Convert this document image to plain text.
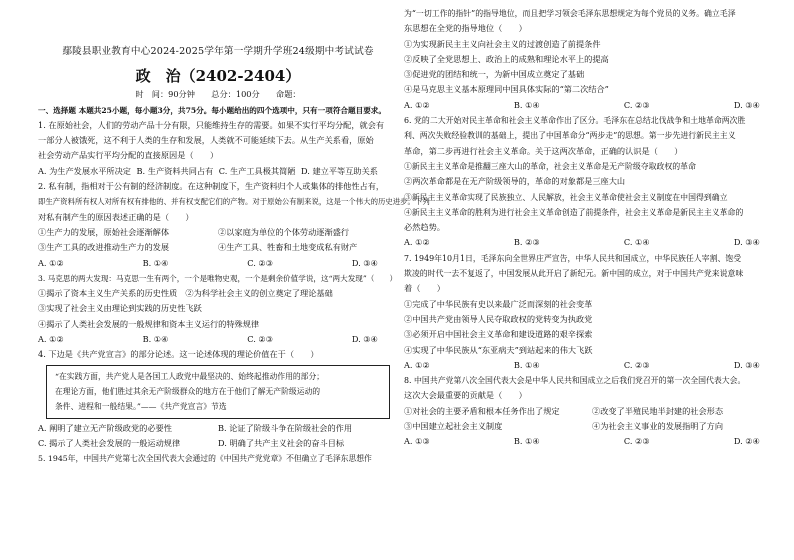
鄢陵县职业教育中心2024-2025学年第一学期升学班24级期中考试试卷
政　治（2402-2404）
时　间：90分钟　　总分：100分　　命题：

一、选择题 本题共25小题，每小题3分，共75分。每小题给出的四个选项中，只有一项符合题目要求。

1. 在原始社会，人们的劳动产品十分有限，只能维持生存的需要。如果不实行平均分配，就会有

一部分人被饿死，这不利于人类的生存和发展，人类就不可能延续下去。从生产关系看，原始

社会劳动产品实行平均分配的直接原因是（　　）

A. 为生产发展水平所决定 B. 生产资料共同占有 C. 生产工具极其简陋 D. 建立平等互助关系

2. 私有制，指相对于公有制的经济制度。在这种制度下，生产资料归个人或集体的排他性占有，

即生产资料所有权人对所有权有排他的、并有权支配它们的产物。对于原始公有制来说，这是一个伟大的历史进步。下列

对私有制产生的原因表述正确的是（　　）

①生产力的发展，原始社会逐渐解体	②以家庭为单位的个体劳动逐渐盛行
③生产工具的改进推动生产力的发展	④生产工具、牲畜和土地变成私有财产
A. ①②	B. ①④	C. ②③	D. ③④

3. 马克思的两大发现：马克思一生有两个，一个是唯物史观，一个是剩余价值学说，这“两大发现”（　　）

①揭示了资本主义生产关系的历史性质　②为科学社会主义的创立奠定了理论基础

③实现了社会主义由理论到实践的历史性飞跃

④揭示了人类社会发展的一般规律和资本主义运行的特殊规律

A. ①②	B. ①④	C. ②③	D. ③④

4. 下边是《共产党宣言》的部分论述。这一论述体现的理论价值在于（　　）

“在实践方面，共产党人是各国工人政党中最坚决的、始终起推动作用的部分；

在理论方面，他们胜过其余无产阶级群众的地方在于他们了解无产阶级运动的

条件、进程和一般结果。”——《共产党宣言》节选

A. 阐明了建立无产阶级政党的必要性	B. 论证了阶级斗争在阶级社会的作用
C. 揭示了人类社会发展的一般运动规律	D. 明确了共产主义社会的奋斗目标

5. 1945年，中国共产党第七次全国代表大会通过的《中国共产党党章》不但确立了毛泽东思想作

为“一切工作的指针”的指导地位，而且把学习领会毛泽东思想规定为每个党员的义务。确立毛泽

东思想在全党的指导地位（　　）

①为实现新民主主义向社会主义的过渡创造了前提条件

②反映了全党思想上、政治上的成熟和理论水平上的提高

③促进党的团结和统一，为新中国成立奠定了基础

④是马克思主义基本原理同中国具体实际的“第二次结合”

A. ①②	B. ①④	C. ②③	D. ③④

6. 党的二大开始对民主革命和社会主义革命作出了区分。毛泽东在总结北伐战争和土地革命两次胜

利、两次失败经验教训的基础上，提出了中国革命分“两步走”的思想。第一步先进行新民主主义

革命，第二步再进行社会主义革命。关于这两次革命，正确的认识是（　　）

①新民主主义革命是推翻三座大山的革命，社会主义革命是无产阶级夺取政权的革命

②两次革命都是在无产阶级领导的，革命的对象都是三座大山

③新民主主义革命实现了民族独立、人民解放，社会主义革命使社会主义制度在中国得到确立

④新民主主义革命的胜利为进行社会主义革命创造了前提条件，社会主义革命是新民主主义革命的

必然趋势。

A. ①②	B. ②③	C. ①④	D. ③④

7. 1949年10月1日，毛泽东向全世界庄严宣告，中华人民共和国成立，中华民族任人宰割、饱受

欺凌的时代一去不复返了，中国发展从此开启了新纪元。新中国的成立，对于中国共产党来说意味

着（　　）

①完成了中华民族有史以来最广泛而深刻的社会变革

②中国共产党由领导人民夺取政权的党转变为执政党

③必须开启中国社会主义革命和建设道路的艰辛探索

④实现了中华民族从“东亚病夫”到站起来的伟大飞跃

A. ①②	B. ①④	C. ②③	D. ③④

8. 中国共产党第八次全国代表大会是中华人民共和国成立之后我们党召开的第一次全国代表大会。

这次大会最重要的贡献是（　　）

①对社会的主要矛盾和根本任务作出了规定	②改变了半殖民地半封建的社会形态
③中国建立起社会主义制度	④为社会主义事业的发展指明了方向
A. ①③	B. ①④	C. ②③	D. ②④
